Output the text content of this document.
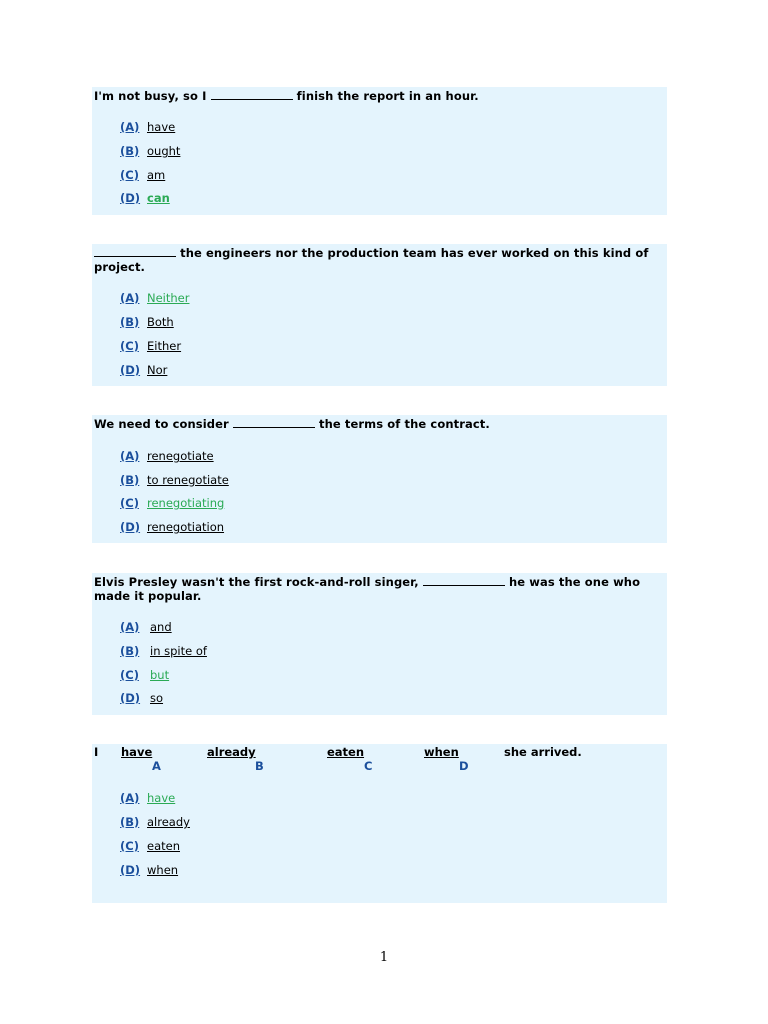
I'm not busy, so I	finish the report in an hour.

(A) have
(B) ought
(C) am
(D) can

the engineers nor the production team has ever worked on this kind of project.

(A) Neither
(B) Both
(C) Either
(D) Nor

We need to consider	the terms of the contract.

(A) renegotiate
(B) to renegotiate
(C) renegotiating
(D) renegotiation

Elvis Presley wasn't the first rock-and-roll singer,	he was the one who made it popular.

(A) and
(B) in spite of
(C) but
(D) so
I have	already	eaten	when	she arrived.
A	B	C	D
(A) have
(B) already
(C) eaten
(D) when
1
